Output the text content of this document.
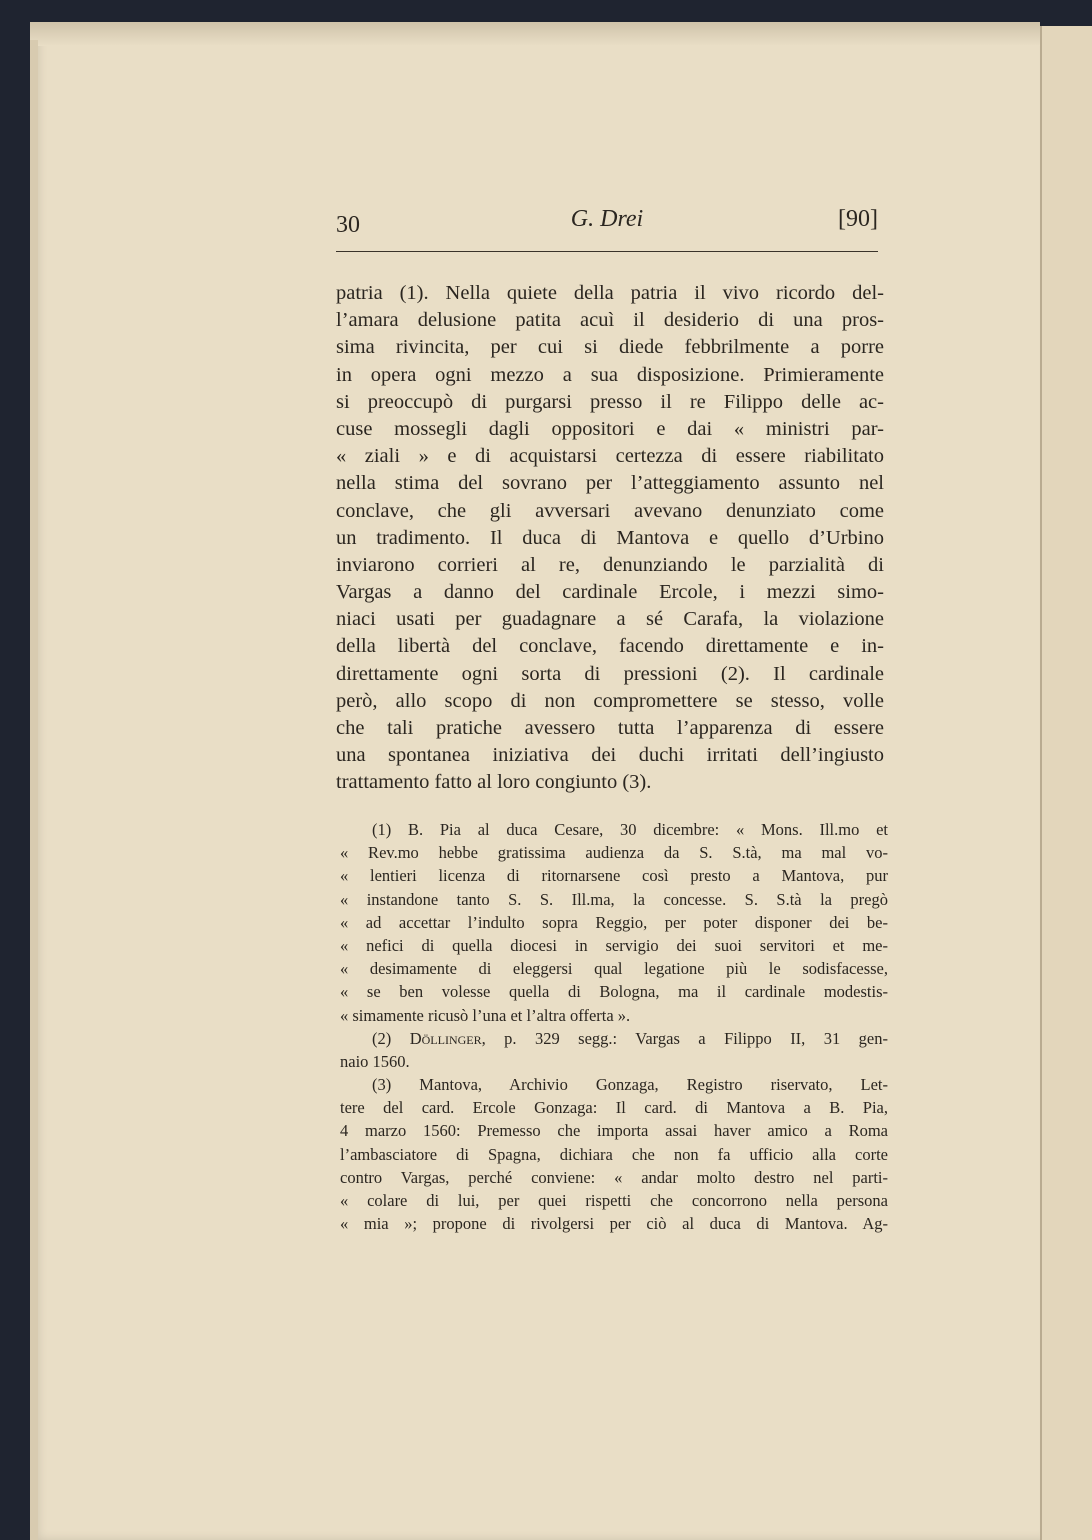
30	G. Drei	[90]
patria (1). Nella quiete della patria il vivo ricordo del-
l’amara delusione patita acuì il desiderio di una pros-
sima rivincita, per cui si diede febbrilmente a porre
in opera ogni mezzo a sua disposizione. Primieramente
si preoccupò di purgarsi presso il re Filippo delle ac-
cuse mossegli dagli oppositori e dai « ministri par-
« ziali » e di acquistarsi certezza di essere riabilitato
nella stima del sovrano per l’atteggiamento assunto nel
conclave, che gli avversari avevano denunziato come
un tradimento. Il duca di Mantova e quello d’Urbino
inviarono corrieri al re, denunziando le parzialità di
Vargas a danno del cardinale Ercole, i mezzi simo-
niaci usati per guadagnare a sé Carafa, la violazione
della libertà del conclave, facendo direttamente e in-
direttamente ogni sorta di pressioni (2). Il cardinale
però, allo scopo di non compromettere se stesso, volle
che tali pratiche avessero tutta l’apparenza di essere
una spontanea iniziativa dei duchi irritati dell’ingiusto
trattamento fatto al loro congiunto (3).
(1) B. Pia al duca Cesare, 30 dicembre: « Mons. Ill.mo et
« Rev.mo hebbe gratissima audienza da S. S.tà, ma mal vo-
« lentieri licenza di ritornarsene così presto a Mantova, pur
« instandone tanto S. S. Ill.ma, la concesse. S. S.tà la pregò
« ad accettar l’indulto sopra Reggio, per poter disponer dei be-
« nefici di quella diocesi in servigio dei suoi servitori et me-
« desimamente di eleggersi qual legatione più le sodisfacesse,
« se ben volesse quella di Bologna, ma il cardinale modestis-
« simamente ricusò l’una et l’altra offerta ».
(2) Döllinger, p. 329 segg.: Vargas a Filippo II, 31 gen-
naio 1560.
(3) Mantova, Archivio Gonzaga, Registro riservato, Let-
tere del card. Ercole Gonzaga: Il card. di Mantova a B. Pia,
4 marzo 1560: Premesso che importa assai haver amico a Roma
l’ambasciatore di Spagna, dichiara che non fa ufficio alla corte
contro Vargas, perché conviene: « andar molto destro nel parti-
« colare di lui, per quei rispetti che concorrono nella persona
« mia »; propone di rivolgersi per ciò al duca di Mantova. Ag-
